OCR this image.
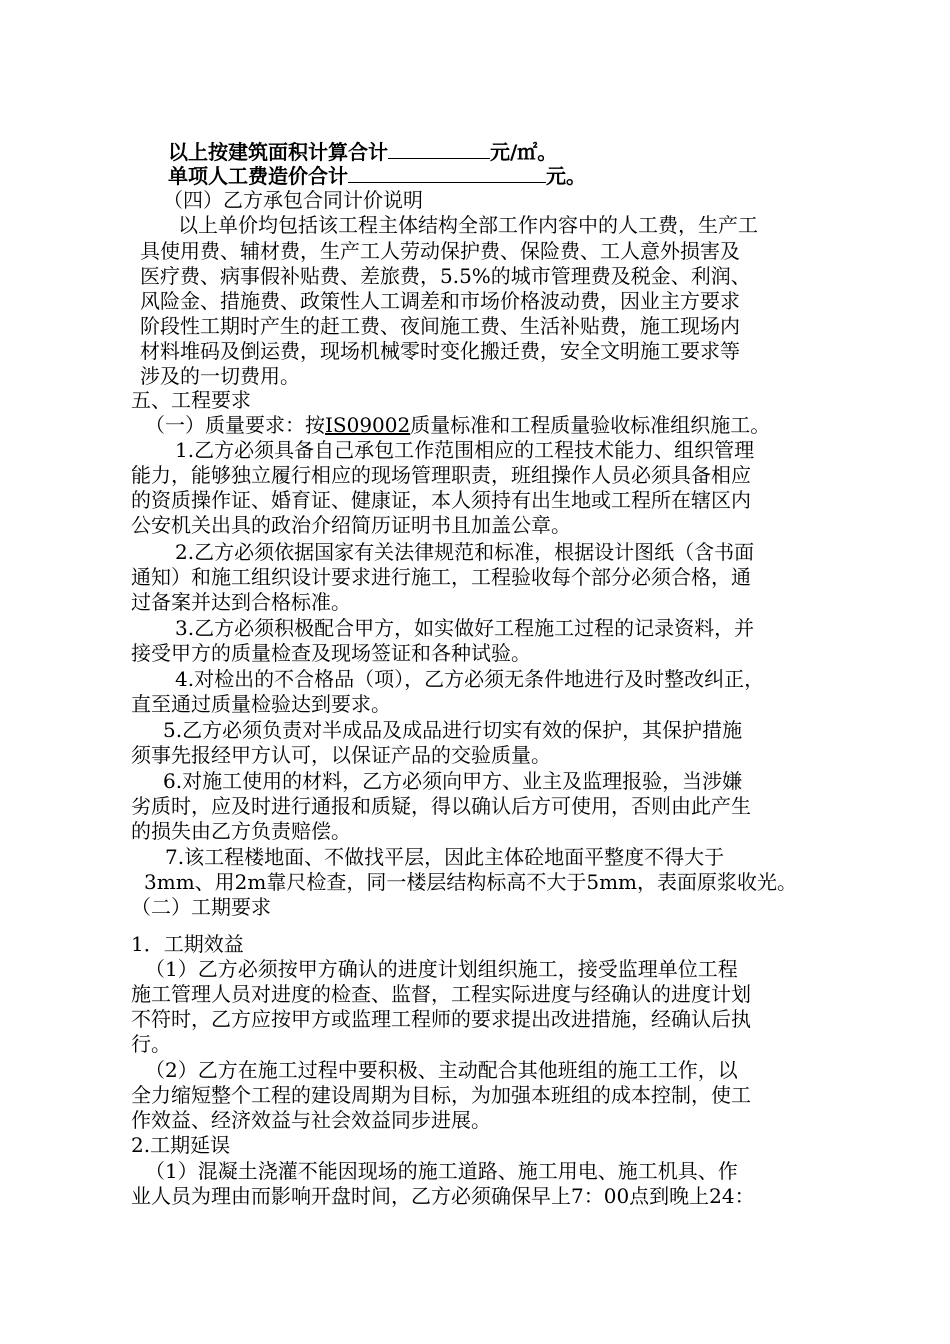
以上按建筑面积计算合计	元/㎡。
单项人工费造价合计	元。
（四）乙方承包合同计价说明
以上单价均包括该工程主体结构全部工作内容中的人工费，生产工
具使用费、辅材费，生产工人劳动保护费、保险费、工人意外损害及
医疗费、病事假补贴费、差旅费，5.5%的城市管理费及税金、利润、
风险金、措施费、政策性人工调差和市场价格波动费，因业主方要求
阶段性工期时产生的赶工费、夜间施工费、生活补贴费，施工现场内
材料堆码及倒运费，现场机械零时变化搬迁费，安全文明施工要求等
涉及的一切费用。
五、工程要求
（一）质量要求：按IS09002质量标准和工程质量验收标准组织施工。
1.乙方必须具备自己承包工作范围相应的工程技术能力、组织管理
能力，能够独立履行相应的现场管理职责，班组操作人员必须具备相应
的资质操作证、婚育证、健康证，本人须持有出生地或工程所在辖区内
公安机关出具的政治介绍简历证明书且加盖公章。
2.乙方必须依据国家有关法律规范和标准，根据设计图纸（含书面
通知）和施工组织设计要求进行施工，工程验收每个部分必须合格，通
过备案并达到合格标准。
3.乙方必须积极配合甲方，如实做好工程施工过程的记录资料，并
接受甲方的质量检查及现场签证和各种试验。
4.对检出的不合格品（项），乙方必须无条件地进行及时整改纠正，
直至通过质量检验达到要求。
5.乙方必须负责对半成品及成品进行切实有效的保护，其保护措施
须事先报经甲方认可，以保证产品的交验质量。
6.对施工使用的材料，乙方必须向甲方、业主及监理报验，当涉嫌
劣质时，应及时进行通报和质疑，得以确认后方可使用，否则由此产生
的损失由乙方负责赔偿。
7.该工程楼地面、不做找平层，因此主体砼地面平整度不得大于
3mm、用2m靠尺检查，同一楼层结构标高不大于5mm，表面原浆收光。
（二）工期要求
1．工期效益
（1）乙方必须按甲方确认的进度计划组织施工，接受监理单位工程
施工管理人员对进度的检查、监督，工程实际进度与经确认的进度计划
不符时，乙方应按甲方或监理工程师的要求提出改进措施，经确认后执
行。
（2）乙方在施工过程中要积极、主动配合其他班组的施工工作，以
全力缩短整个工程的建设周期为目标，为加强本班组的成本控制，使工
作效益、经济效益与社会效益同步进展。
2.工期延误
（1）混凝土浇灌不能因现场的施工道路、施工用电、施工机具、作
业人员为理由而影响开盘时间，乙方必须确保早上7：00点到晚上24：
